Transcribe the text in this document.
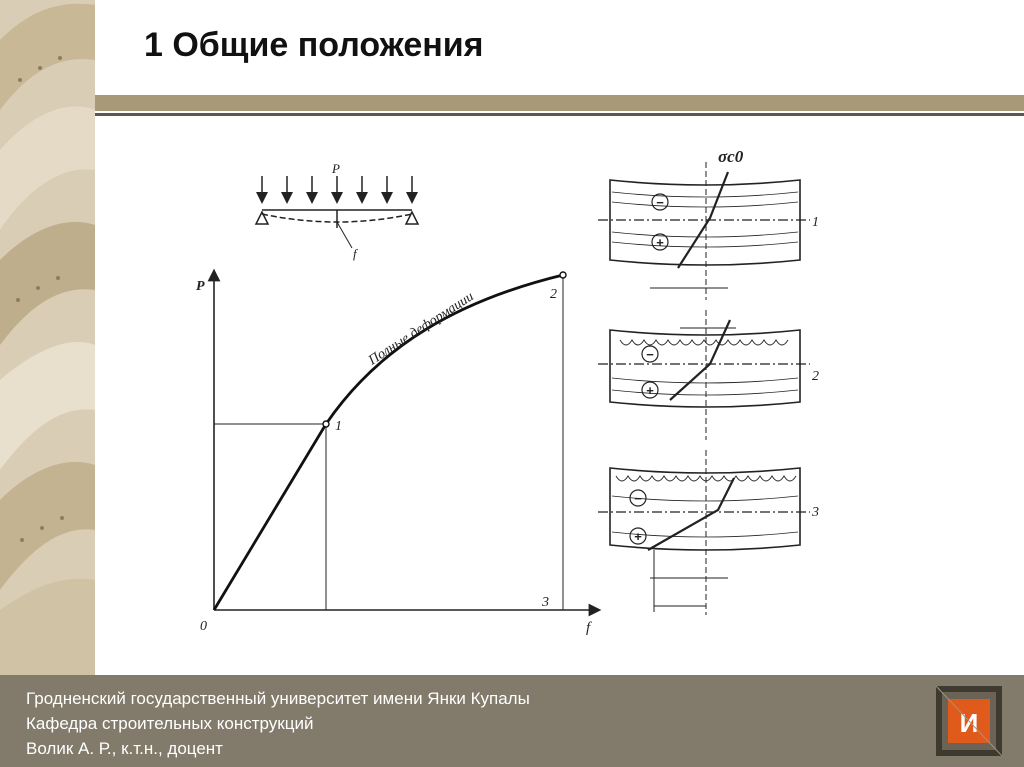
1 Общие положения
P
f
P
f
0
1
2
3
Полные деформации
σc0
1
2
3
−
+
−
+
−
+
Гродненский государственный университет имени Янки Купалы
Кафедра строительных конструкций
Волик А. Р., к.т.н., доцент
И
